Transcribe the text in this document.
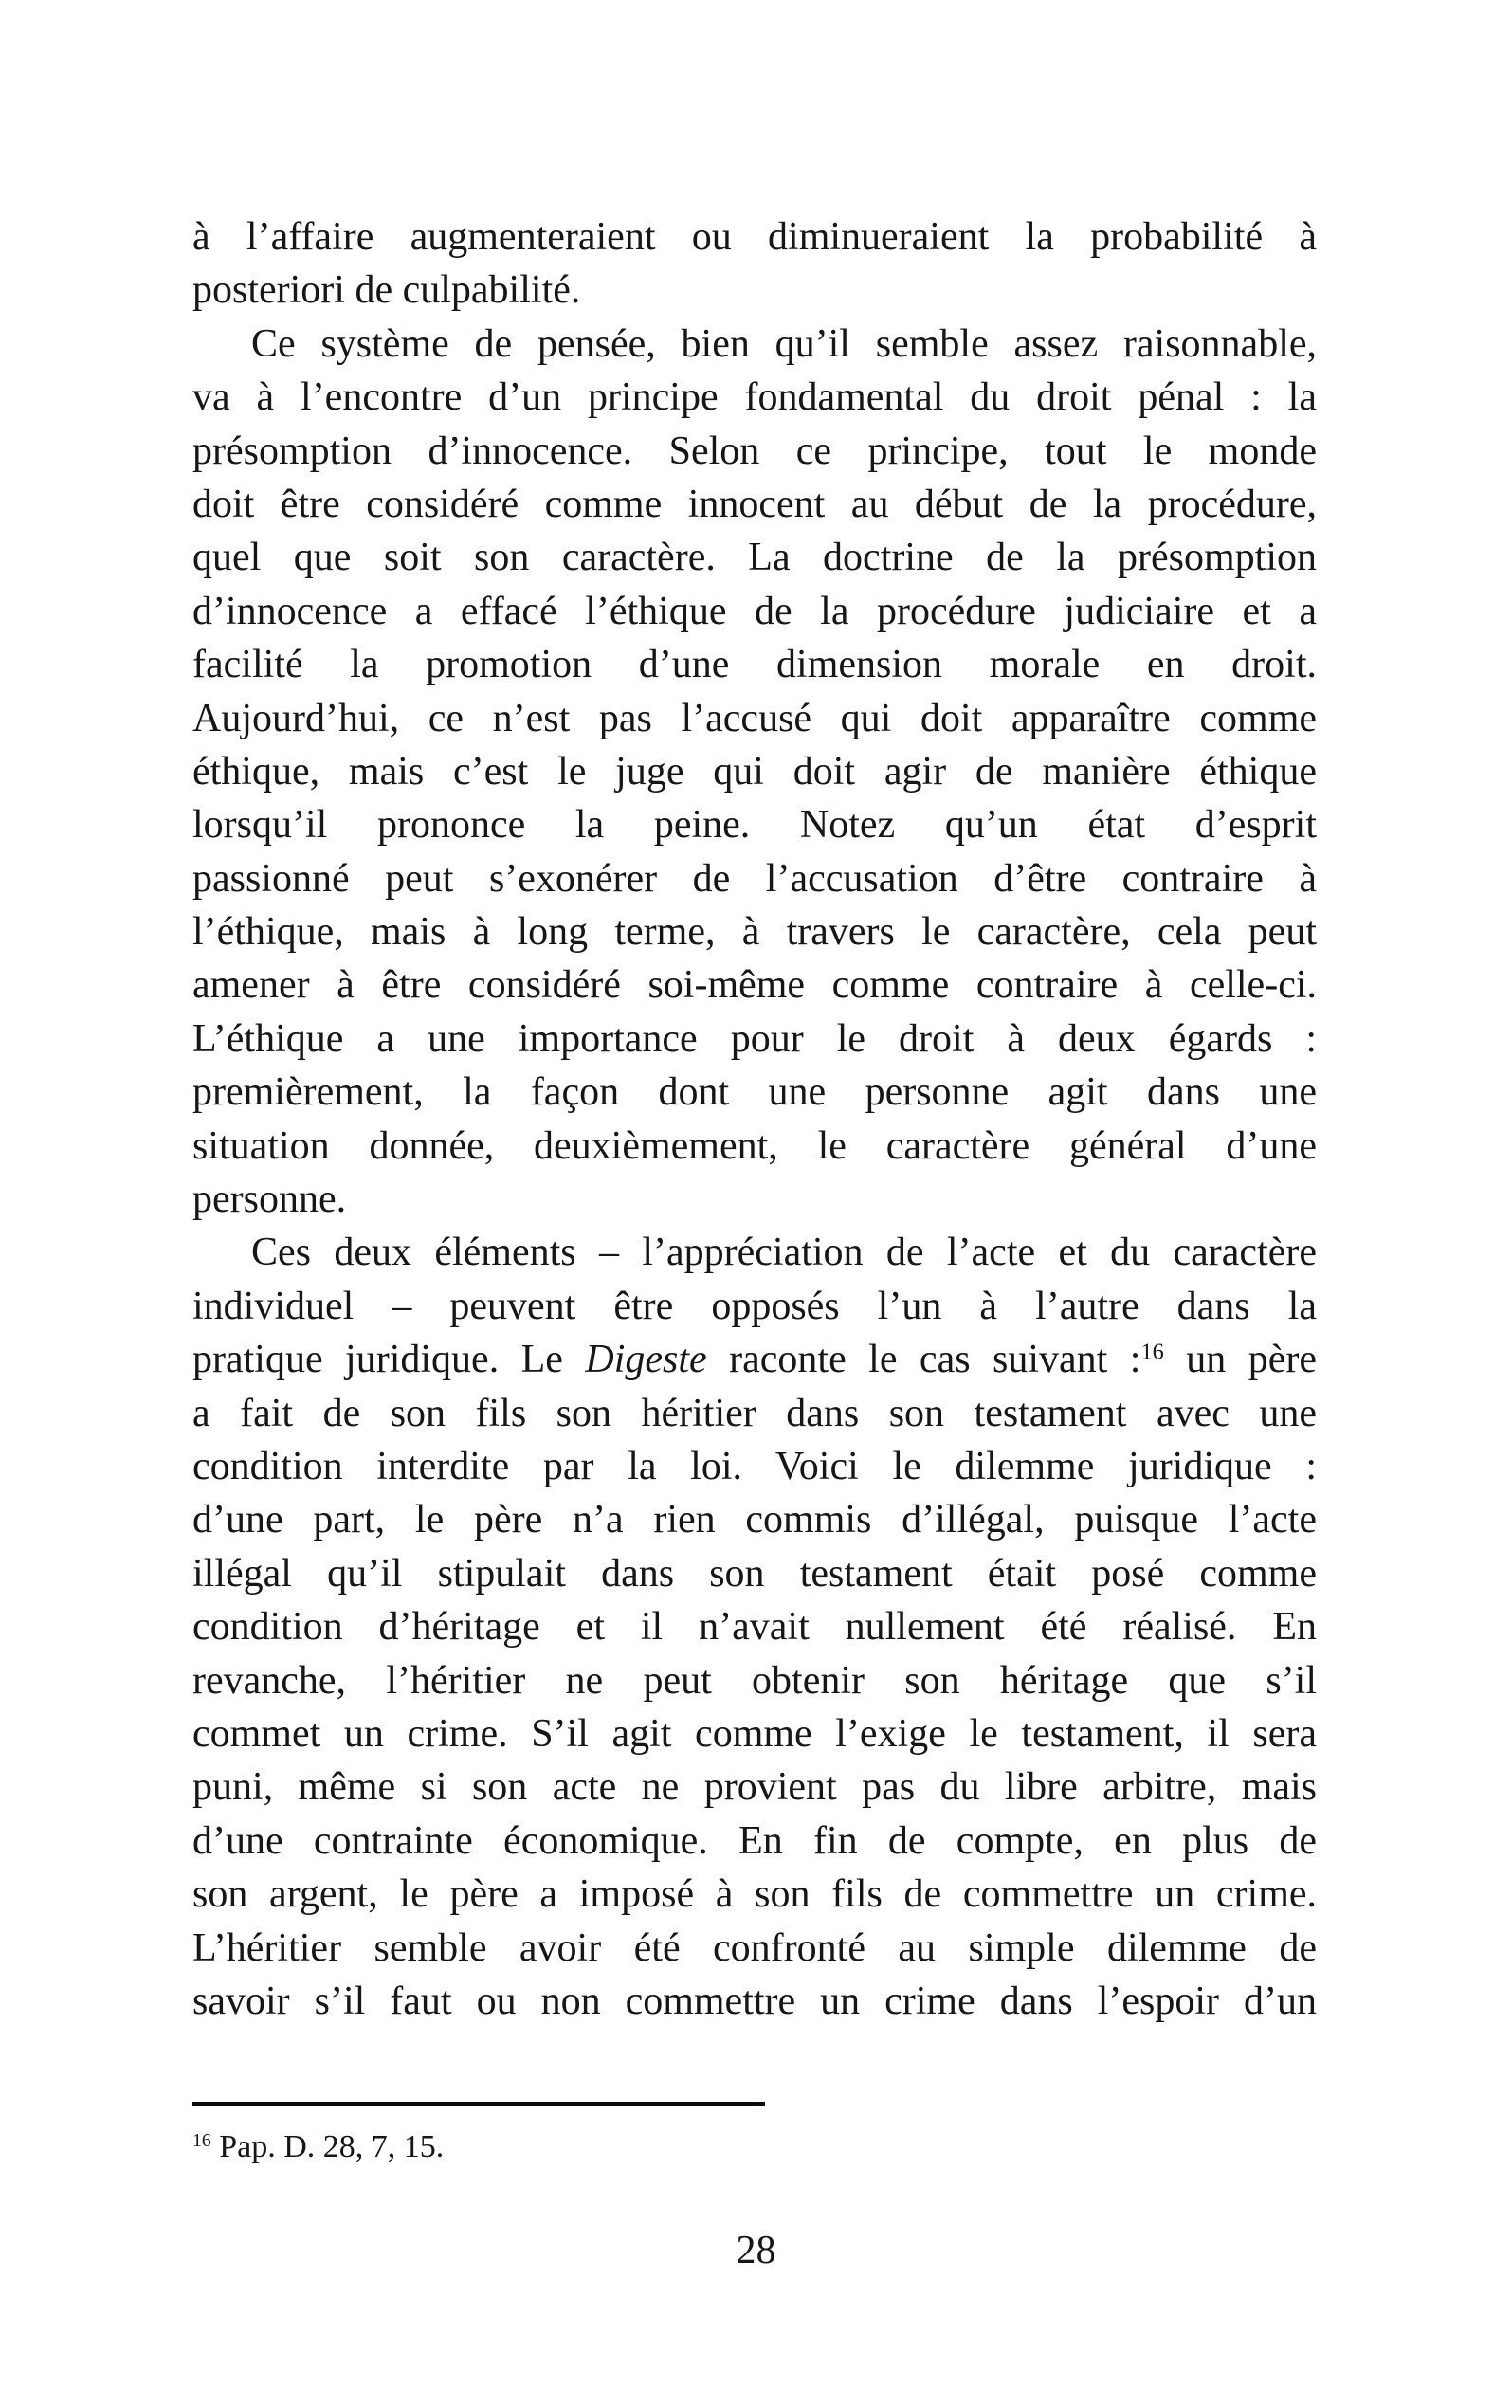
à l’affaire augmenteraient ou diminueraient la probabilité à
posteriori de culpabilité.
Ce système de pensée, bien qu’il semble assez raisonnable,
va à l’encontre d’un principe fondamental du droit pénal : la
présomption d’innocence. Selon ce principe, tout le monde
doit être considéré comme innocent au début de la procédure,
quel que soit son caractère. La doctrine de la présomption
d’innocence a effacé l’éthique de la procédure judiciaire et a
facilité la promotion d’une dimension morale en droit.
Aujourd’hui, ce n’est pas l’accusé qui doit apparaître comme
éthique, mais c’est le juge qui doit agir de manière éthique
lorsqu’il prononce la peine. Notez qu’un état d’esprit
passionné peut s’exonérer de l’accusation d’être contraire à
l’éthique, mais à long terme, à travers le caractère, cela peut
amener à être considéré soi-même comme contraire à celle-ci.
L’éthique a une importance pour le droit à deux égards :
premièrement, la façon dont une personne agit dans une
situation donnée, deuxièmement, le caractère général d’une
personne.
Ces deux éléments – l’appréciation de l’acte et du caractère
individuel – peuvent être opposés l’un à l’autre dans la
pratique juridique. Le Digeste raconte le cas suivant :$^{16}$ un père
a fait de son fils son héritier dans son testament avec une
condition interdite par la loi. Voici le dilemme juridique :
d’une part, le père n’a rien commis d’illégal, puisque l’acte
illégal qu’il stipulait dans son testament était posé comme
condition d’héritage et il n’avait nullement été réalisé. En
revanche, l’héritier ne peut obtenir son héritage que s’il
commet un crime. S’il agit comme l’exige le testament, il sera
puni, même si son acte ne provient pas du libre arbitre, mais
d’une contrainte économique. En fin de compte, en plus de
son argent, le père a imposé à son fils de commettre un crime.
L’héritier semble avoir été confronté au simple dilemme de
savoir s’il faut ou non commettre un crime dans l’espoir d’un
$^{16}$ Pap. D. 28, 7, 15.
28
